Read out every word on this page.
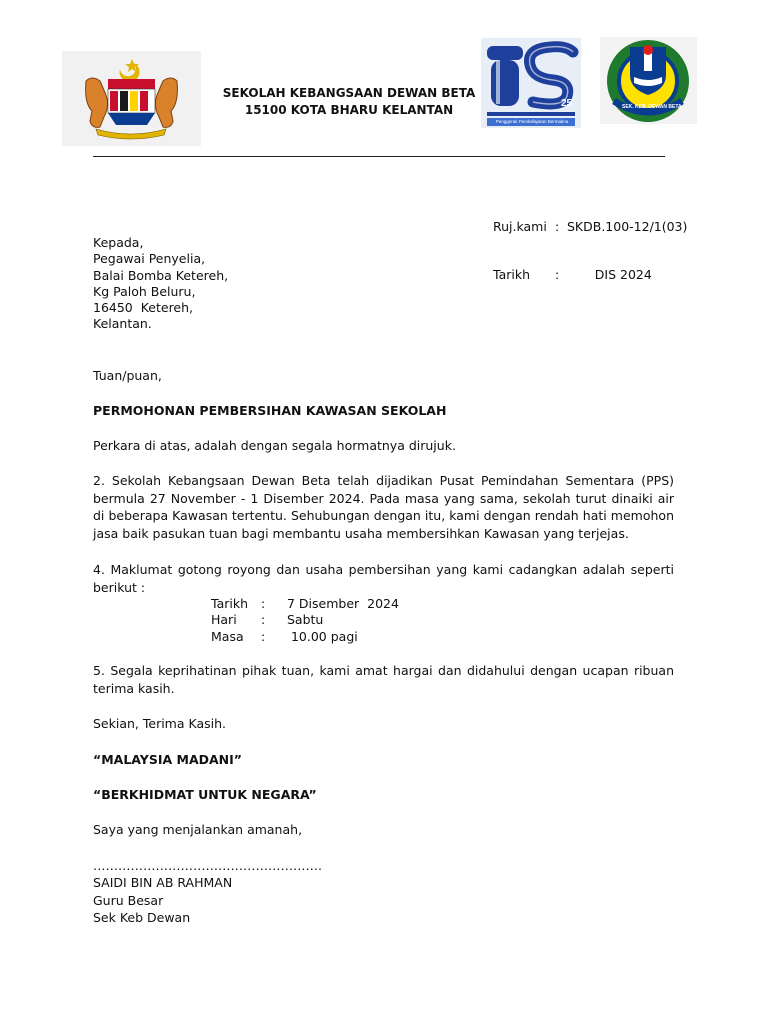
SEKOLAH KEBANGSAAN DEWAN BETA
15100 KOTA BHARU KELANTAN	25
Penggerak Pembelajaran Bermakna
SEK. KEB. DEWAN BETA

Ruj.kami : SKDB.100-12/1(03)

Tarikh :	DIS 2024

Kepada,
Pegawai Penyelia,
Balai Bomba Ketereh,
Kg Paloh Beluru,
16450  Ketereh,
Kelantan.
Tuan/puan,
PERMOHONAN PEMBERSIHAN KAWASAN SEKOLAH
Perkara di atas, adalah dengan segala hormatnya dirujuk.
2. Sekolah Kebangsaan Dewan Beta telah dijadikan Pusat Pemindahan Sementara (PPS) bermula 27 November - 1 Disember 2024. Pada masa yang sama, sekolah turut dinaiki air di beberapa Kawasan tertentu. Sehubungan dengan itu, kami dengan rendah hati memohon jasa baik pasukan tuan bagi membantu usaha membersihkan Kawasan yang terjejas.
4. Maklumat gotong royong dan usaha pembersihan yang kami cadangkan adalah seperti berikut :
Tarikh : 7 Disember  2024
Hari : Sabtu
Masa : 10.00 pagi
5. Segala keprihatinan pihak tuan, kami amat hargai dan didahului dengan ucapan ribuan terima kasih.
Sekian, Terima Kasih.
“MALAYSIA MADANI”
“BERKHIDMAT UNTUK NEGARA”
Saya yang menjalankan amanah,
……………………………………………….
SAIDI BIN AB RAHMAN
Guru Besar
Sek Keb Dewan
